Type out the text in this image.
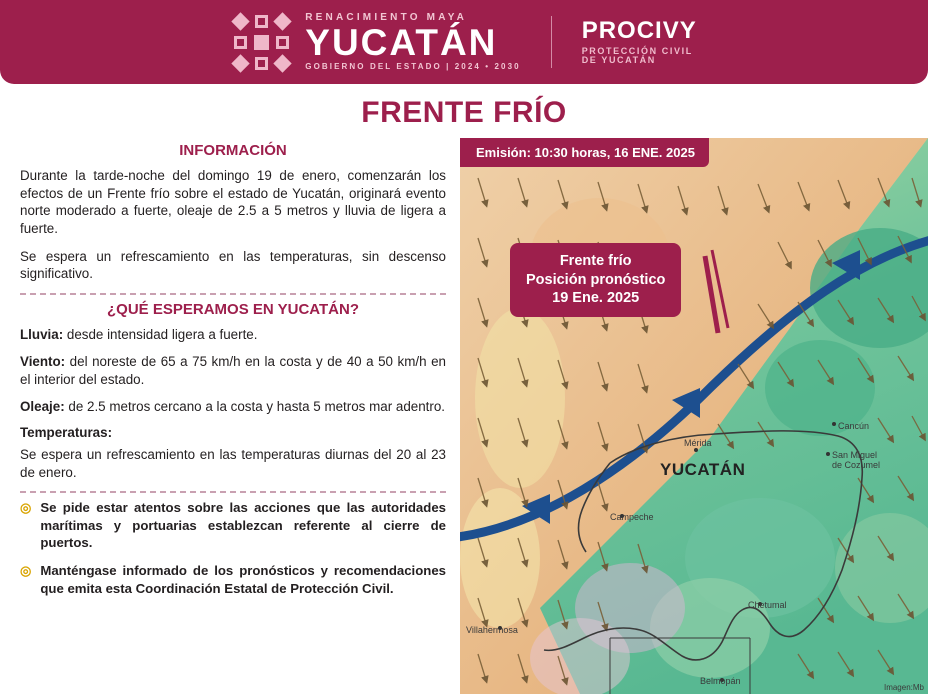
RENACIMIENTO MAYA
YUCATÁN
GOBIERNO DEL ESTADO | 2024 • 2030
PROCIVY
PROTECCIÓN CIVIL
DE YUCATÁN
FRENTE FRÍO
INFORMACIÓN

Durante la tarde-noche del domingo 19 de enero, comenzarán los efectos de un Frente frío sobre el estado de Yucatán, originará evento norte moderado a fuerte, oleaje de 2.5 a 5 metros y lluvia de ligera a fuerte.

Se espera un refrescamiento en las temperaturas, sin descenso significativo.

¿QUÉ ESPERAMOS EN YUCATÁN?
Lluvia: desde intensidad ligera a fuerte.
Viento: del noreste de 65 a 75 km/h en la costa y de 40 a 50 km/h en el interior del estado.
Oleaje: de 2.5 metros cercano a la costa y hasta 5 metros mar adentro.
Temperaturas:
Se espera un refrescamiento en las temperaturas diurnas del 20 al 23 de enero.
◎ Se pide estar atentos sobre las acciones que las autoridades marítimas y portuarias establezcan referente al cierre de puertos.
◎ Manténgase informado de los pronósticos y recomendaciones que emita esta Coordinación Estatal de Protección Civil.
Emisión: 10:30 horas, 16 ENE. 2025
Frente frío
Posición pronóstico
19 Ene. 2025
YUCATÁN
Cancún
Mérida
San Miguel
de Cozumel
Campeche
Chetumal
Villahermosa
Belmopán
Imagen:Mb
